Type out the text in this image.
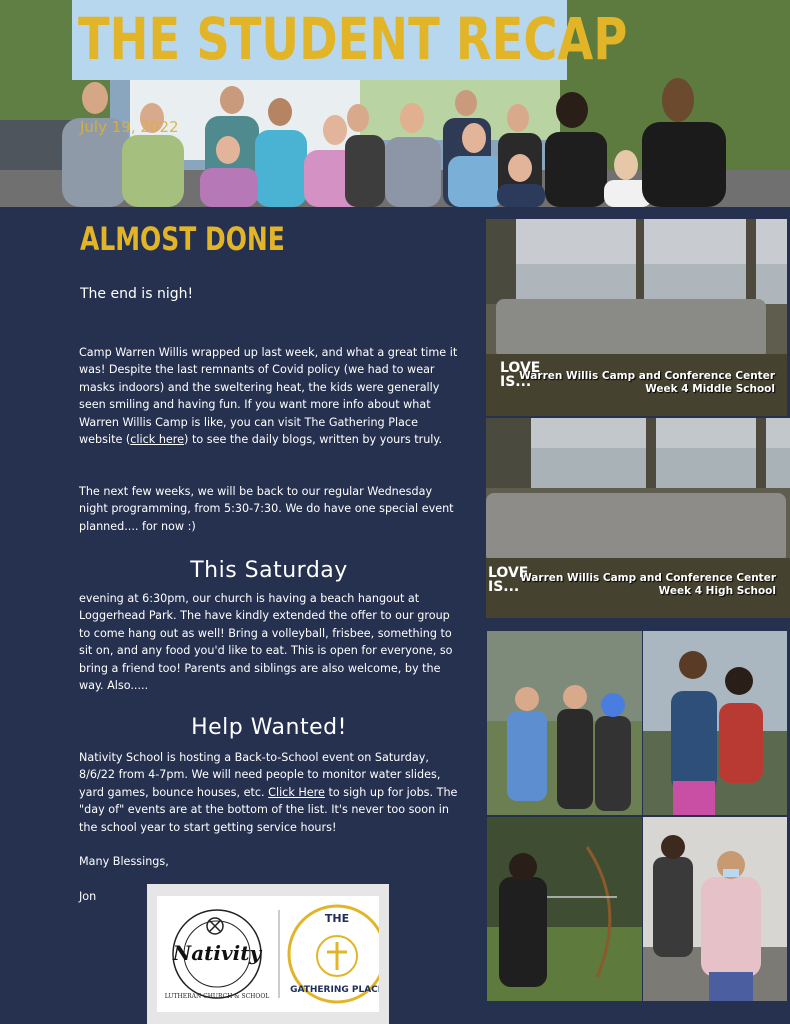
THE STUDENT RECAP
July 19, 2022
ALMOST DONE
The end is nigh!
Camp Warren Willis wrapped up last week, and what a great time it was! Despite the last remnants of Covid policy (we had to wear masks indoors) and the sweltering heat, the kids were generally seen smiling and having fun. If you want more info about what Warren Willis Camp is like, you can visit The Gathering Place website (click here) to see the daily blogs, written by yours truly.
The next few weeks, we will be back to our regular Wednesday night programming, from 5:30-7:30. We do have one special event planned.... for now :)
This Saturday
evening at 6:30pm, our church is having a beach hangout at Loggerhead Park. The have kindly extended the offer to our group to come hang out as well! Bring a volleyball, frisbee, something to sit on, and any food you'd like to eat. This is open for everyone, so bring a friend too! Parents and siblings are also welcome, by the way. Also.....
Help Wanted!
Nativity School is hosting a Back-to-School event on Saturday, 8/6/22 from 4-7pm. We will need people to monitor water slides, yard games, bounce houses, etc. Click Here to sigh up for jobs. The "day of" events are at the bottom of the list. It's never too soon in the school year to start getting service hours!
Many Blessings,
Jon
Nativity
LUTHERAN CHURCH & SCHOOL
THE
GATHERING PLACE
LOVE
IS...
Warren Willis Camp and Conference Center
Week 4 Middle School
LOVE
IS...
Warren Willis Camp and Conference Center
Week 4 High School
